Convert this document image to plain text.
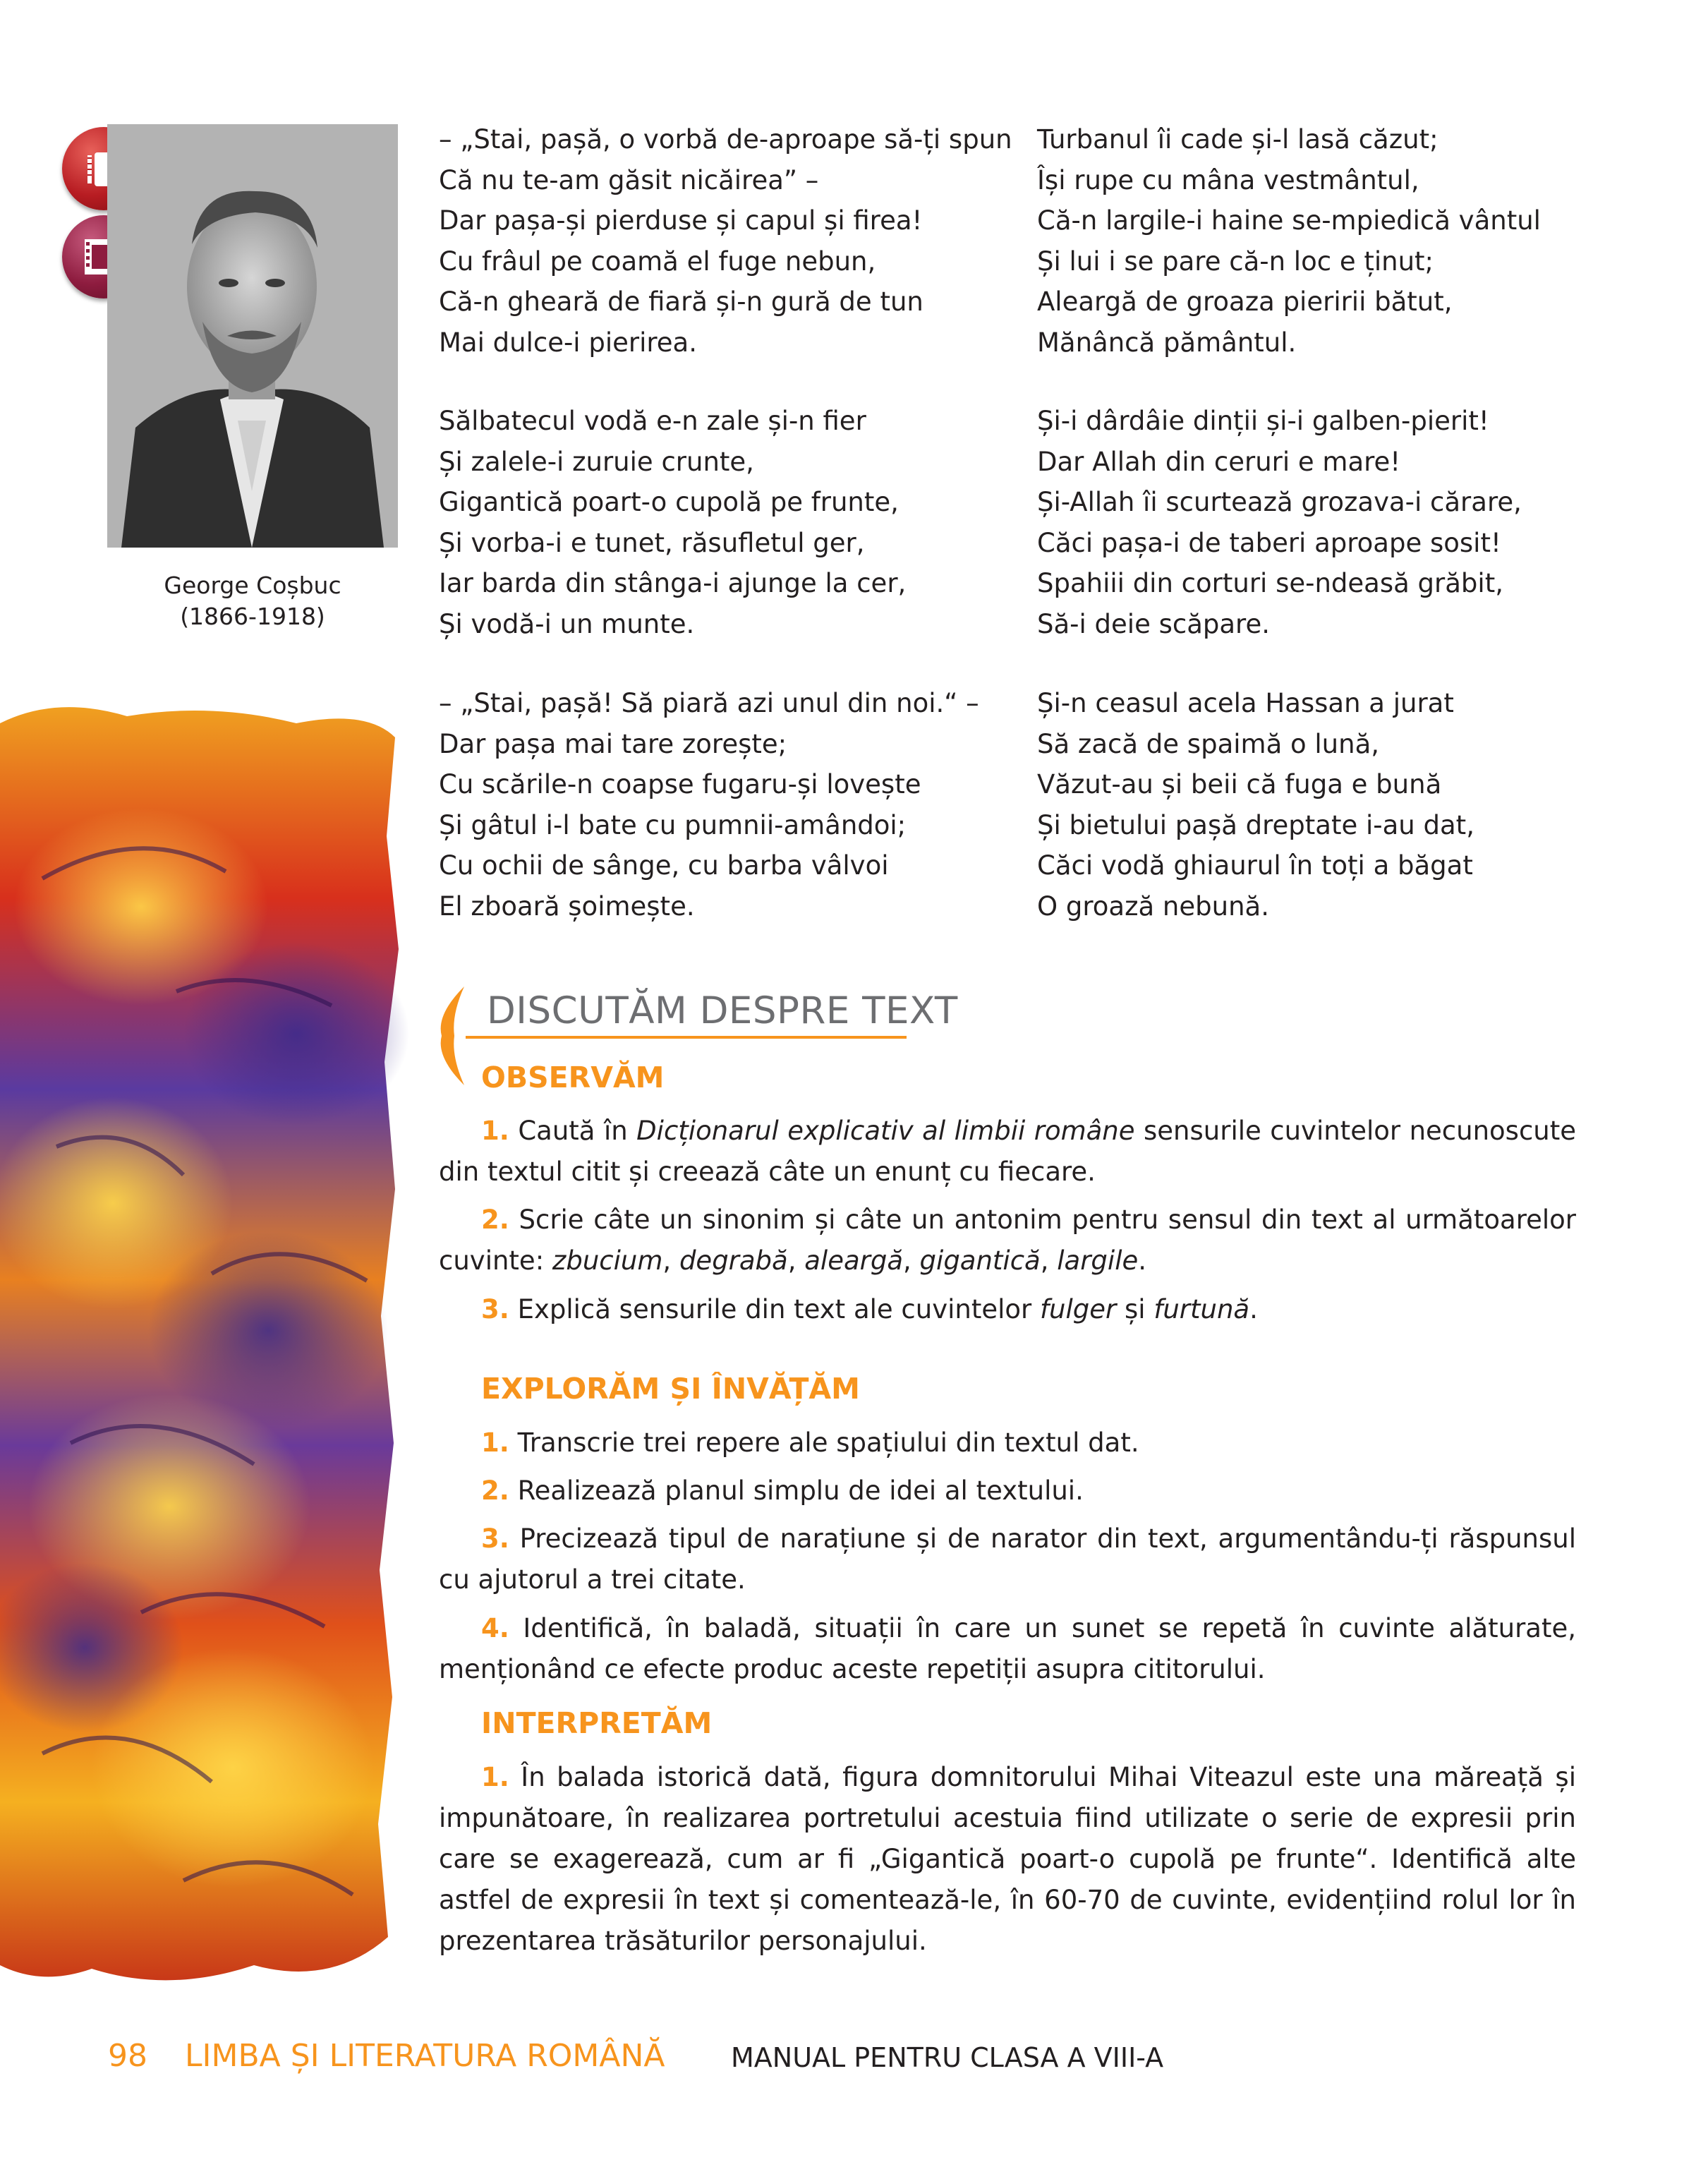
George Coșbuc
(1866-1918)
– „Stai, pașă, o vorbă de-aproape să-ți spun
Că nu te-am găsit nicăirea” –
Dar pașa-și pierduse și capul și firea!
Cu frâul pe coamă el fuge nebun,
Că-n gheară de fiară și-n gură de tun
Mai dulce-i pierirea.
Sălbatecul vodă e-n zale și-n fier
Și zalele-i zuruie crunte,
Gigantică poart-o cupolă pe frunte,
Și vorba-i e tunet, răsufletul ger,
Iar barda din stânga-i ajunge la cer,
Și vodă-i un munte.
– „Stai, pașă! Să piară azi unul din noi.“ –
Dar pașa mai tare zorește;
Cu scările-n coapse fugaru-și lovește
Și gâtul i-l bate cu pumnii-amândoi;
Cu ochii de sânge, cu barba vâlvoi
El zboară șoimește.
Turbanul îi cade și-l lasă căzut;
Își rupe cu mâna vestmântul,
Că-n largile-i haine se-mpiedică vântul
Și lui i se pare că-n loc e ținut;
Aleargă de groaza pieririi bătut,
Mănâncă pământul.
Și-i dârdâie dinții și-i galben-pierit!
Dar Allah din ceruri e mare!
Și-Allah îi scurtează grozava-i cărare,
Căci pașa-i de taberi aproape sosit!
Spahiii din corturi se-ndeasă grăbit,
Să-i deie scăpare.
Și-n ceasul acela Hassan a jurat
Să zacă de spaimă o lună,
Văzut-au și beii că fuga e bună
Și bietului pașă dreptate i-au dat,
Căci vodă ghiaurul în toți a băgat
O groază nebună.
DISCUTĂM DESPRE TEXT
OBSERVĂM
1. Caută în Dicționarul explicativ al limbii române sensurile cuvintelor necunoscute din textul citit și creează câte un enunț cu fiecare.
2. Scrie câte un sinonim și câte un antonim pentru sensul din text al următoarelor cuvinte: zbucium, degrabă, aleargă, gigantică, largile.
3. Explică sensurile din text ale cuvintelor fulger și furtună.
EXPLORĂM ȘI ÎNVĂȚĂM
1. Transcrie trei repere ale spațiului din textul dat.
2. Realizează planul simplu de idei al textului.
3. Precizează tipul de narațiune și de narator din text, argumentându-ți răspunsul cu ajutorul a trei citate.
4. Identifică, în baladă, situații în care un sunet se repetă în cuvinte alăturate, menționând ce efecte produc aceste repetiții asupra cititorului.
INTERPRETĂM
1. În balada istorică dată, figura domnitorului Mihai Viteazul este una măreață și impunătoare, în realizarea portretului acestuia fiind utilizate o serie de expresii prin care se exagerează, cum ar fi „Gigantică poart-o cupolă pe frunte“. Identifică alte astfel de expresii în text și comentează-le, în 60-70 de cuvinte, evidențiind rolul lor în prezentarea trăsăturilor personajului.
98 LIMBA ȘI LITERATURA ROMÂNĂ MANUAL PENTRU CLASA A VIII-A
